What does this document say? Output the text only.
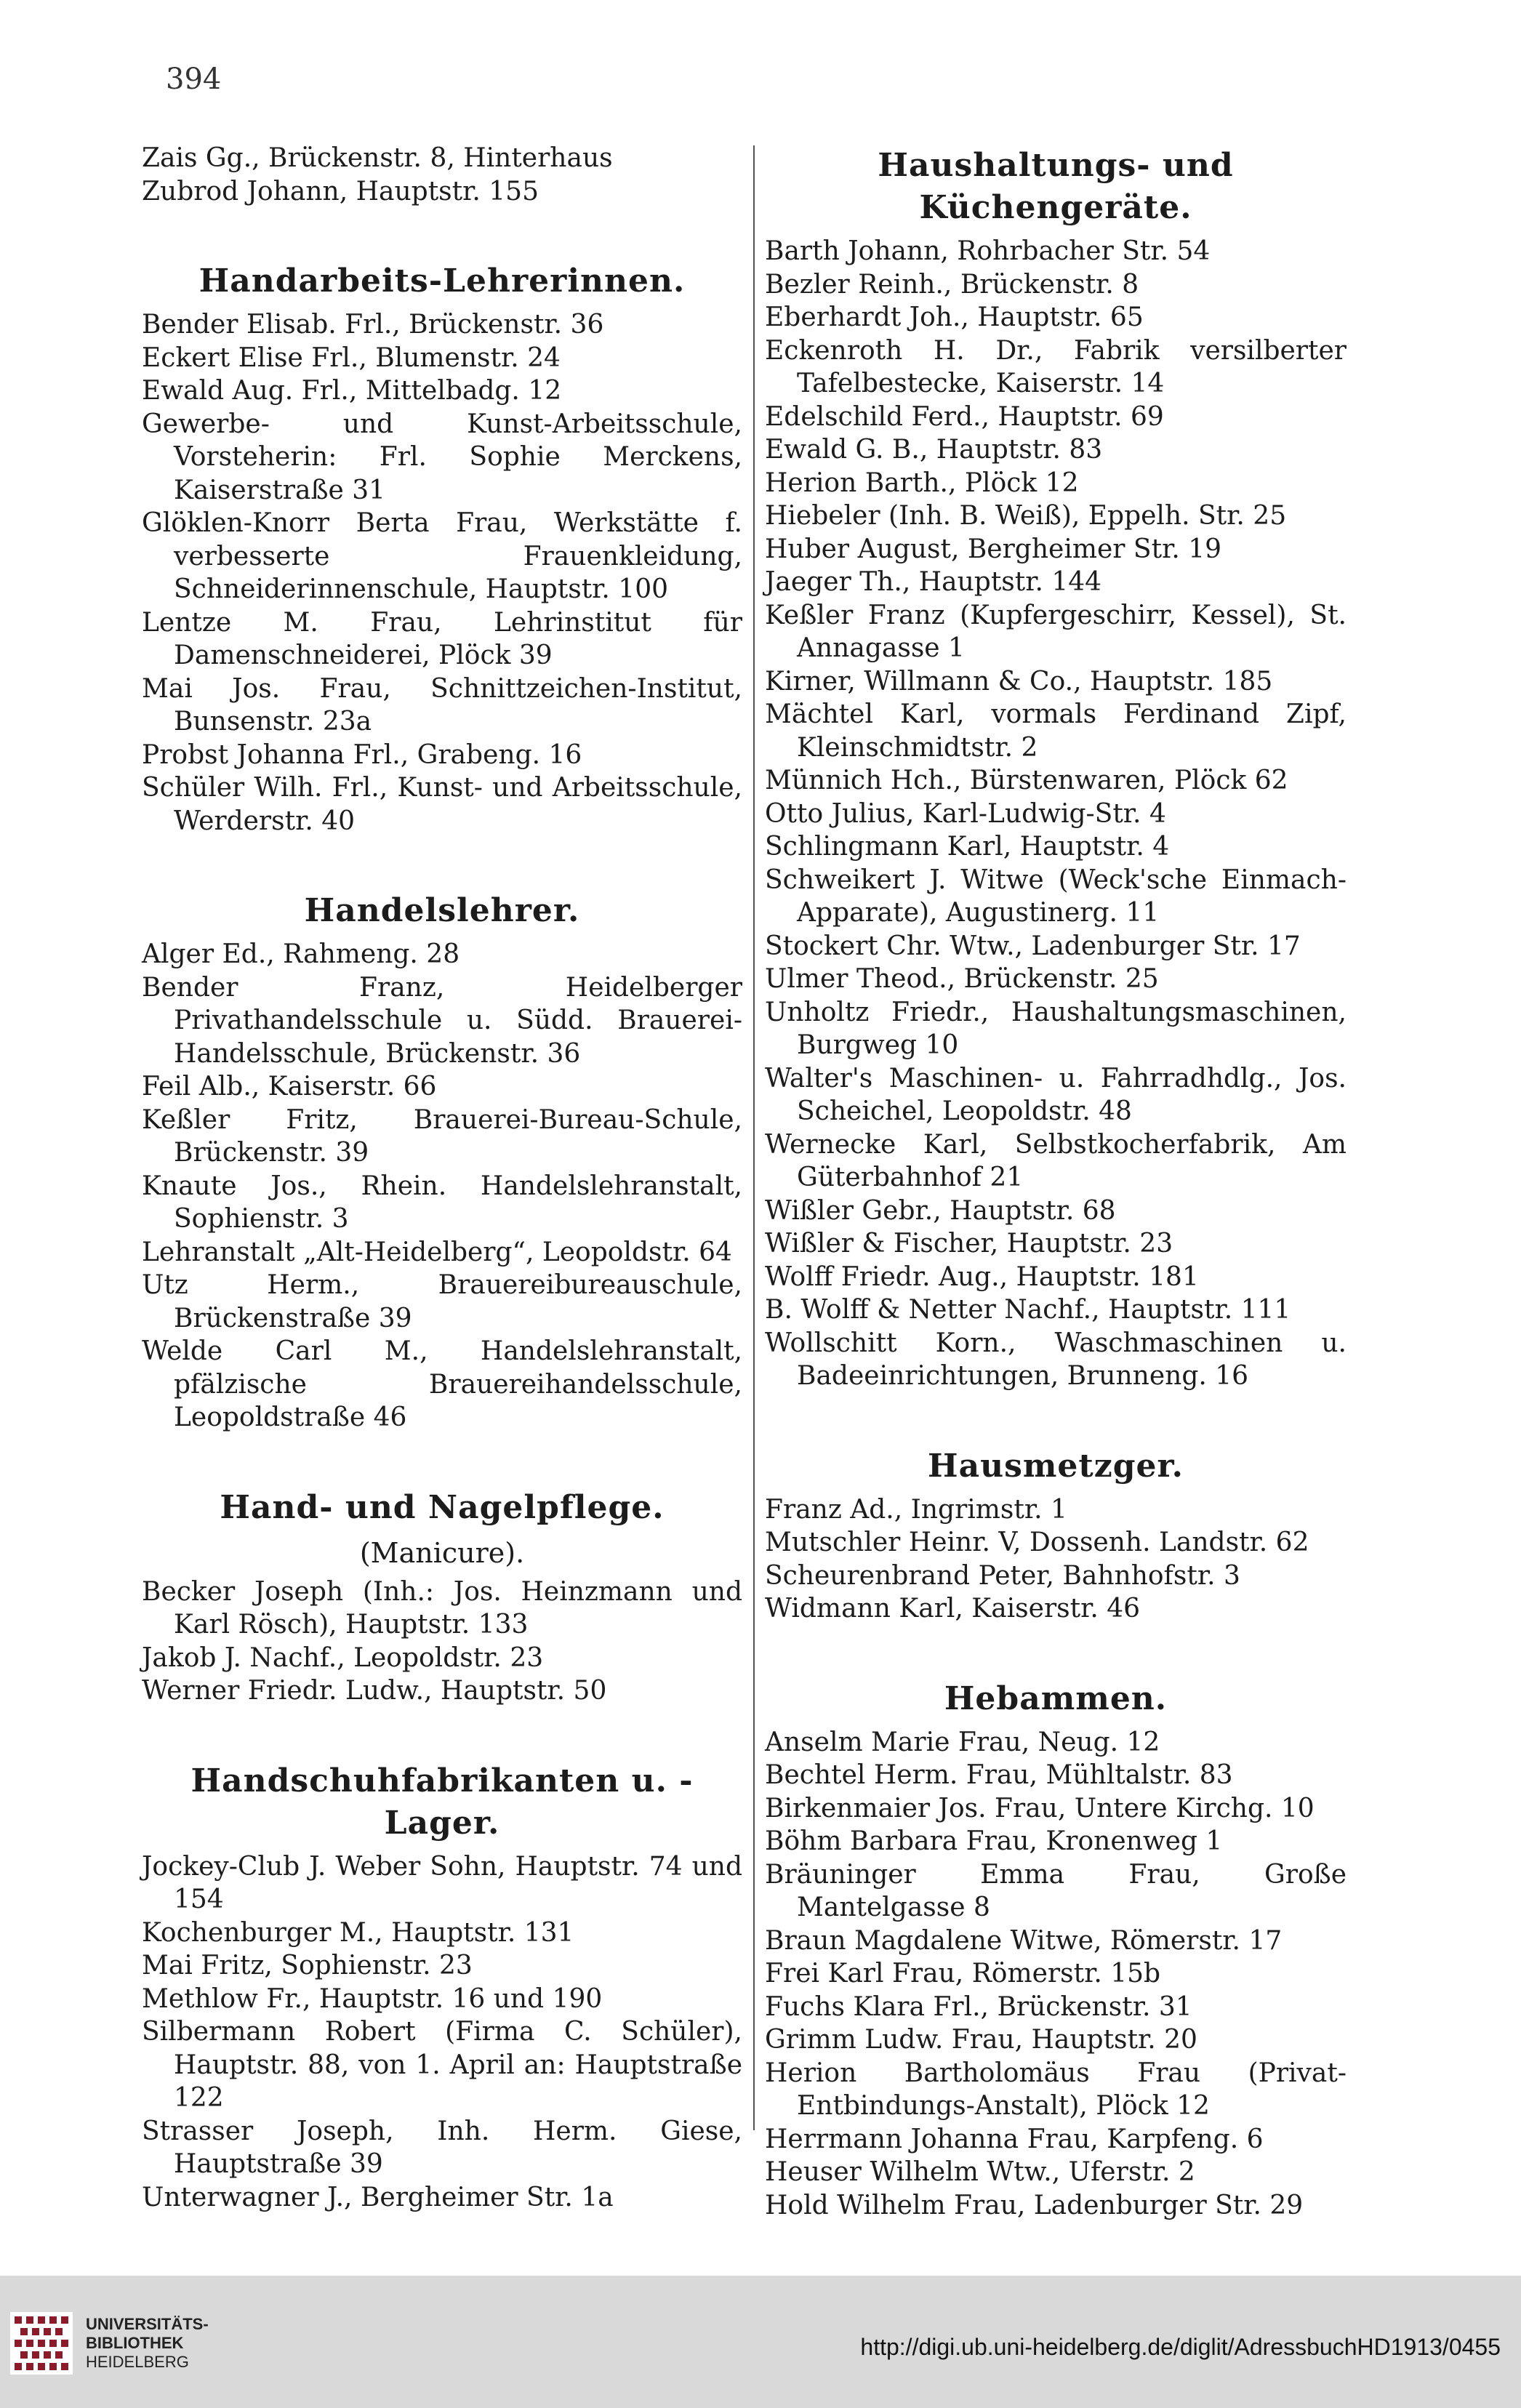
394
Zais Gg., Brückenstr. 8, Hinterhaus
Zubrod Johann, Hauptstr. 155
Handarbeits-Lehrerinnen.
Bender Elisab. Frl., Brückenstr. 36
Eckert Elise Frl., Blumenstr. 24
Ewald Aug. Frl., Mittelbadg. 12
Gewerbe- und Kunst-Arbeitsschule, Vorsteherin: Frl. Sophie Merckens, Kaiserstraße 31
Glöklen-Knorr Berta Frau, Werkstätte f. verbesserte Frauenkleidung, Schneiderinnenschule, Hauptstr. 100
Lentze M. Frau, Lehrinstitut für Damenschneiderei, Plöck 39
Mai Jos. Frau, Schnittzeichen-Institut, Bunsenstr. 23a
Probst Johanna Frl., Grabeng. 16
Schüler Wilh. Frl., Kunst- und Arbeitsschule, Werderstr. 40
Handelslehrer.
Alger Ed., Rahmeng. 28
Bender Franz, Heidelberger Privathandelsschule u. Südd. Brauerei-Handelsschule, Brückenstr. 36
Feil Alb., Kaiserstr. 66
Keßler Fritz, Brauerei-Bureau-Schule, Brückenstr. 39
Knaute Jos., Rhein. Handelslehranstalt, Sophienstr. 3
Lehranstalt „Alt-Heidelberg“, Leopoldstr. 64
Utz Herm., Brauereibureauschule, Brückenstraße 39
Welde Carl M., Handelslehranstalt, pfälzische Brauereihandelsschule, Leopoldstraße 46
Hand- und Nagelpflege.
(Manicure).
Becker Joseph (Inh.: Jos. Heinzmann und Karl Rösch), Hauptstr. 133
Jakob J. Nachf., Leopoldstr. 23
Werner Friedr. Ludw., Hauptstr. 50
Handschuhfabrikanten u. -Lager.
Jockey-Club J. Weber Sohn, Hauptstr. 74 und 154
Kochenburger M., Hauptstr. 131
Mai Fritz, Sophienstr. 23
Methlow Fr., Hauptstr. 16 und 190
Silbermann Robert (Firma C. Schüler), Hauptstr. 88, von 1. April an: Hauptstraße 122
Strasser Joseph, Inh. Herm. Giese, Hauptstraße 39
Unterwagner J., Bergheimer Str. 1a
Haushaltungs- und Küchengeräte.
Barth Johann, Rohrbacher Str. 54
Bezler Reinh., Brückenstr. 8
Eberhardt Joh., Hauptstr. 65
Eckenroth H. Dr., Fabrik versilberter Tafelbestecke, Kaiserstr. 14
Edelschild Ferd., Hauptstr. 69
Ewald G. B., Hauptstr. 83
Herion Barth., Plöck 12
Hiebeler (Inh. B. Weiß), Eppelh. Str. 25
Huber August, Bergheimer Str. 19
Jaeger Th., Hauptstr. 144
Keßler Franz (Kupfergeschirr, Kessel), St. Annagasse 1
Kirner, Willmann & Co., Hauptstr. 185
Mächtel Karl, vormals Ferdinand Zipf, Kleinschmidtstr. 2
Münnich Hch., Bürstenwaren, Plöck 62
Otto Julius, Karl-Ludwig-Str. 4
Schlingmann Karl, Hauptstr. 4
Schweikert J. Witwe (Weck'sche Einmach-Apparate), Augustinerg. 11
Stockert Chr. Wtw., Ladenburger Str. 17
Ulmer Theod., Brückenstr. 25
Unholtz Friedr., Haushaltungsmaschinen, Burgweg 10
Walter's Maschinen- u. Fahrradhdlg., Jos. Scheichel, Leopoldstr. 48
Wernecke Karl, Selbstkocherfabrik, Am Güterbahnhof 21
Wißler Gebr., Hauptstr. 68
Wißler & Fischer, Hauptstr. 23
Wolff Friedr. Aug., Hauptstr. 181
B. Wolff & Netter Nachf., Hauptstr. 111
Wollschitt Korn., Waschmaschinen u. Badeeinrichtungen, Brunneng. 16
Hausmetzger.
Franz Ad., Ingrimstr. 1
Mutschler Heinr. V, Dossenh. Landstr. 62
Scheurenbrand Peter, Bahnhofstr. 3
Widmann Karl, Kaiserstr. 46
Hebammen.
Anselm Marie Frau, Neug. 12
Bechtel Herm. Frau, Mühltalstr. 83
Birkenmaier Jos. Frau, Untere Kirchg. 10
Böhm Barbara Frau, Kronenweg 1
Bräuninger Emma Frau, Große Mantelgasse 8
Braun Magdalene Witwe, Römerstr. 17
Frei Karl Frau, Römerstr. 15b
Fuchs Klara Frl., Brückenstr. 31
Grimm Ludw. Frau, Hauptstr. 20
Herion Bartholomäus Frau (Privat-Entbindungs-Anstalt), Plöck 12
Herrmann Johanna Frau, Karpfeng. 6
Heuser Wilhelm Wtw., Uferstr. 2
Hold Wilhelm Frau, Ladenburger Str. 29
UNIVERSITÄTS-
BIBLIOTHEK
HEIDELBERG
http://digi.ub.uni-heidelberg.de/diglit/AdressbuchHD1913/0455
